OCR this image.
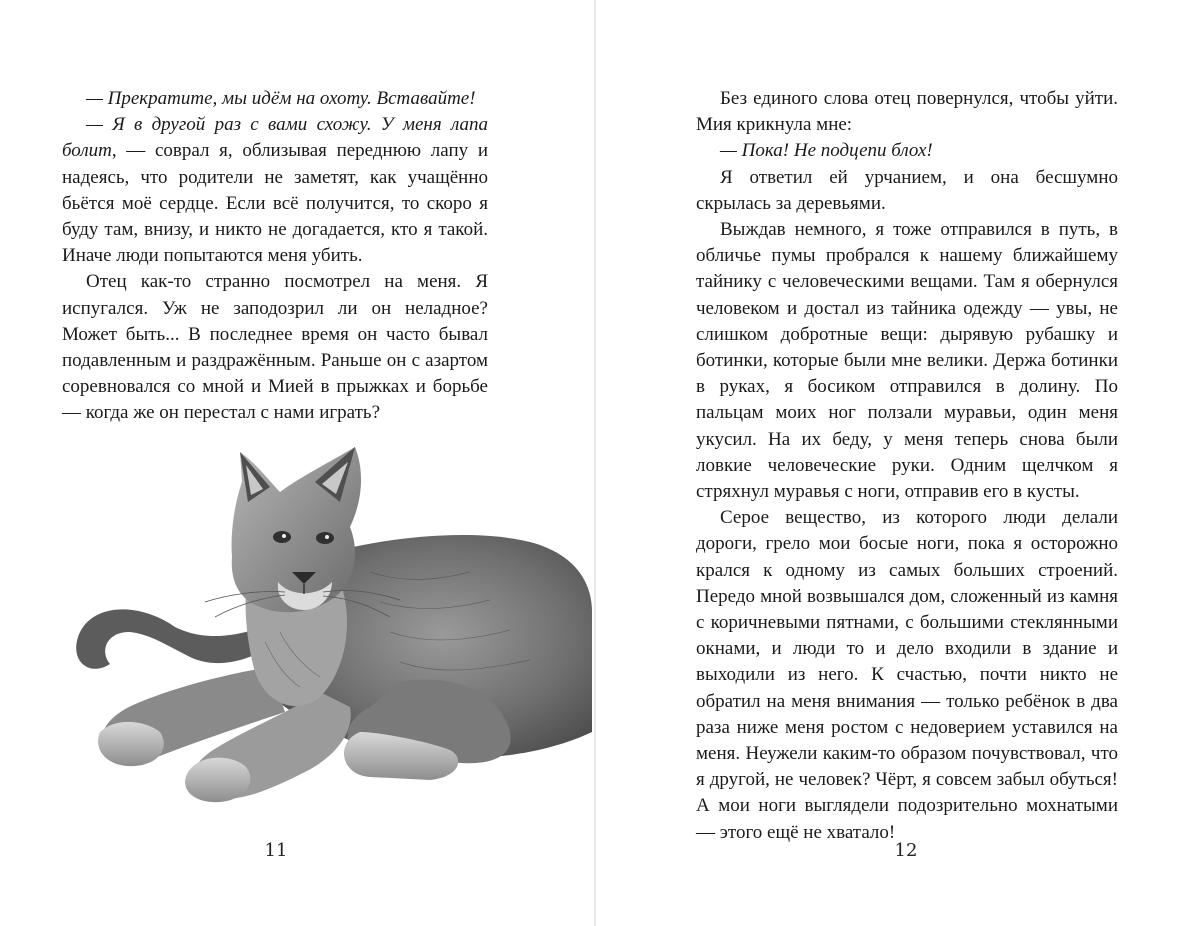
— Прекратите, мы идём на охоту. Вставайте!

— Я в другой раз с вами схожу. У меня лапа болит, — соврал я, облизывая переднюю лапу и надеясь, что родители не заметят, как учащённо бьётся моё сердце. Если всё получится, то скоро я буду там, внизу, и никто не догадается, кто я такой. Иначе люди попытаются меня убить.

Отец как-то странно посмотрел на меня. Я испугался. Уж не заподозрил ли он неладное? Может быть... В последнее время он часто бывал подавленным и раздражённым. Раньше он с азартом соревновался со мной и Мией в прыжках и борьбе — когда же он перестал с нами играть?

11

Без единого слова отец повернулся, чтобы уйти. Мия крикнула мне:

— Пока! Не подцепи блох!

Я ответил ей урчанием, и она бесшумно скрылась за деревьями.

Выждав немного, я тоже отправился в путь, в обличье пумы пробрался к нашему ближайшему тайнику с человеческими вещами. Там я обернулся человеком и достал из тайника одежду — увы, не слишком добротные вещи: дырявую рубашку и ботинки, которые были мне велики. Держа ботинки в руках, я босиком отправился в долину. По пальцам моих ног ползали муравьи, один меня укусил. На их беду, у меня теперь снова были ловкие человеческие руки. Одним щелчком я стряхнул муравья с ноги, отправив его в кусты.

Серое вещество, из которого люди делали дороги, грело мои босые ноги, пока я осторожно крался к одному из самых больших строений. Передо мной возвышался дом, сложенный из камня с коричневыми пятнами, с большими стеклянными окнами, и люди то и дело входили в здание и выходили из него. К счастью, почти никто не обратил на меня внимания — только ребёнок в два раза ниже меня ростом с недоверием уставился на меня. Неужели каким-то образом почувствовал, что я другой, не человек? Чёрт, я совсем забыл обуться! А мои ноги выглядели подозрительно мохнатыми — этого ещё не хватало!

12
